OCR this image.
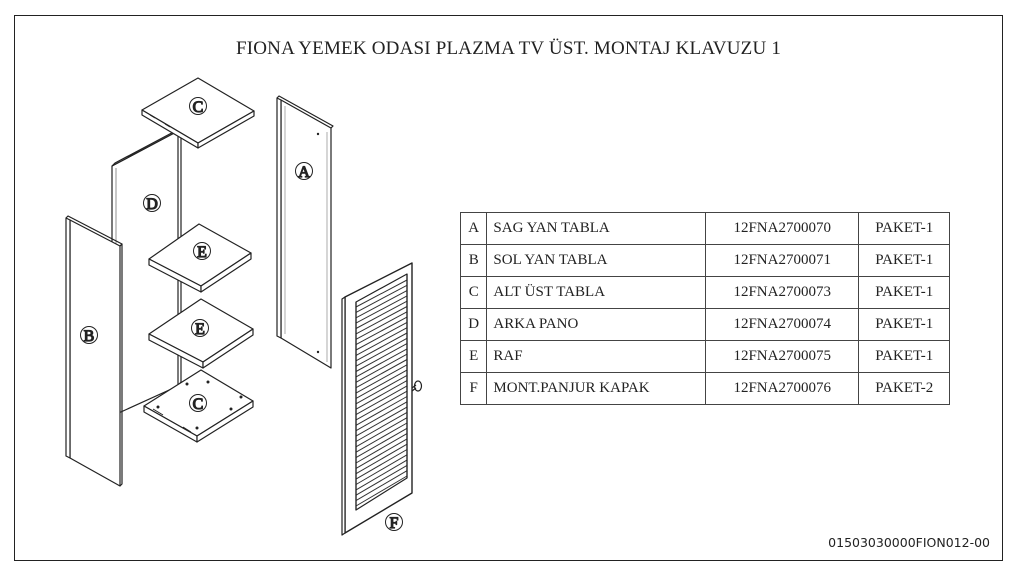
FIONA YEMEK ODASI PLAZMA TV ÜST. MONTAJ KLAVUZU 1
C
A
D
E
E
B
C
F
A	SAG YAN TABLA	12FNA2700070	PAKET-1
B	SOL YAN TABLA	12FNA2700071	PAKET-1
C	ALT ÜST TABLA	12FNA2700073	PAKET-1
D	ARKA PANO	12FNA2700074	PAKET-1
E	RAF	12FNA2700075	PAKET-1
F	MONT.PANJUR KAPAK	12FNA2700076	PAKET-2
01503030000FION012-00
